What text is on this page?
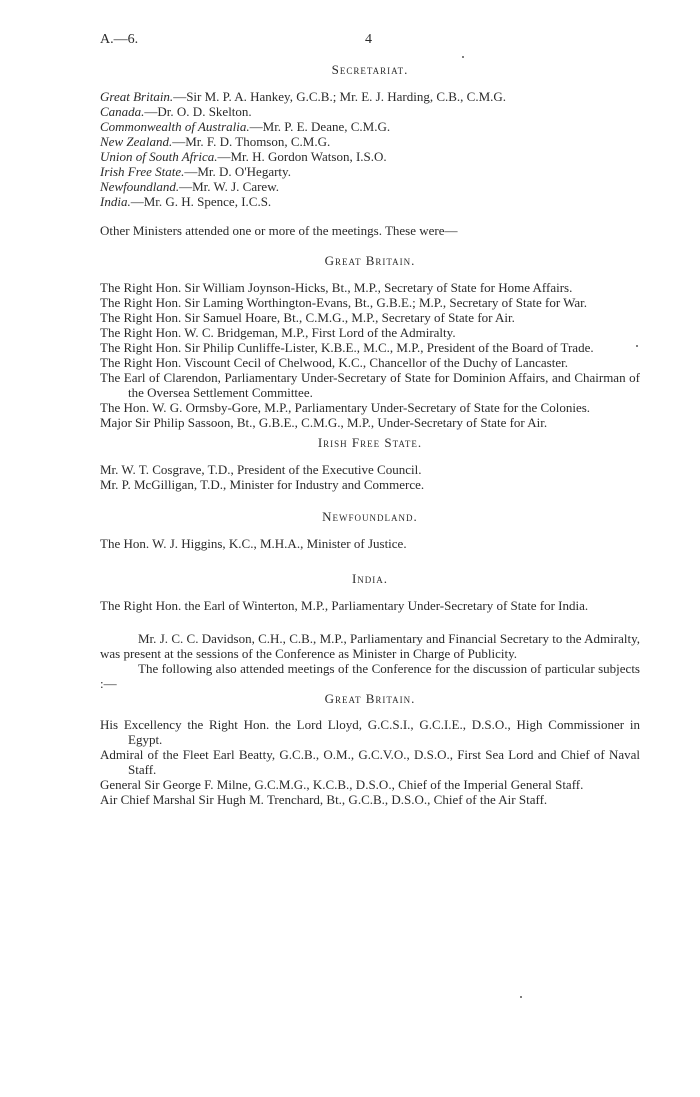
A.—6.	4
Secretariat.
Great Britain.—Sir M. P. A. Hankey, G.C.B.; Mr. E. J. Harding, C.B., C.M.G.
Canada.—Dr. O. D. Skelton.
Commonwealth of Australia.—Mr. P. E. Deane, C.M.G.
New Zealand.—Mr. F. D. Thomson, C.M.G.
Union of South Africa.—Mr. H. Gordon Watson, I.S.O.
Irish Free State.—Mr. D. O'Hegarty.
Newfoundland.—Mr. W. J. Carew.
India.—Mr. G. H. Spence, I.C.S.

Other Ministers attended one or more of the meetings. These were—

Great Britain.

The Right Hon. Sir William Joynson-Hicks, Bt., M.P., Secretary of State for Home Affairs.

The Right Hon. Sir Laming Worthington-Evans, Bt., G.B.E.; M.P., Secretary of State for War.

The Right Hon. Sir Samuel Hoare, Bt., C.M.G., M.P., Secretary of State for Air.

The Right Hon. W. C. Bridgeman, M.P., First Lord of the Admiralty.

The Right Hon. Sir Philip Cunliffe-Lister, K.B.E., M.C., M.P., President of the Board of Trade.

The Right Hon. Viscount Cecil of Chelwood, K.C., Chancellor of the Duchy of Lancaster.

The Earl of Clarendon, Parliamentary Under-Secretary of State for Dominion Affairs, and Chairman of the Oversea Settlement Committee.

The Hon. W. G. Ormsby-Gore, M.P., Parliamentary Under-Secretary of State for the Colonies.

Major Sir Philip Sassoon, Bt., G.B.E., C.M.G., M.P., Under-Secretary of State for Air.

Irish Free State.

Mr. W. T. Cosgrave, T.D., President of the Executive Council.

Mr. P. McGilligan, T.D., Minister for Industry and Commerce.

Newfoundland.

The Hon. W. J. Higgins, K.C., M.H.A., Minister of Justice.

India.

The Right Hon. the Earl of Winterton, M.P., Parliamentary Under-Secretary of State for India.

Mr. J. C. C. Davidson, C.H., C.B., M.P., Parliamentary and Financial Secretary to the Admiralty, was present at the sessions of the Conference as Minister in Charge of Publicity.

The following also attended meetings of the Conference for the discussion of particular subjects :—

Great Britain.

His Excellency the Right Hon. the Lord Lloyd, G.C.S.I., G.C.I.E., D.S.O., High Commissioner in Egypt.

Admiral of the Fleet Earl Beatty, G.C.B., O.M., G.C.V.O., D.S.O., First Sea Lord and Chief of Naval Staff.

General Sir George F. Milne, G.C.M.G., K.C.B., D.S.O., Chief of the Imperial General Staff.

Air Chief Marshal Sir Hugh M. Trenchard, Bt., G.C.B., D.S.O., Chief of the Air Staff.
